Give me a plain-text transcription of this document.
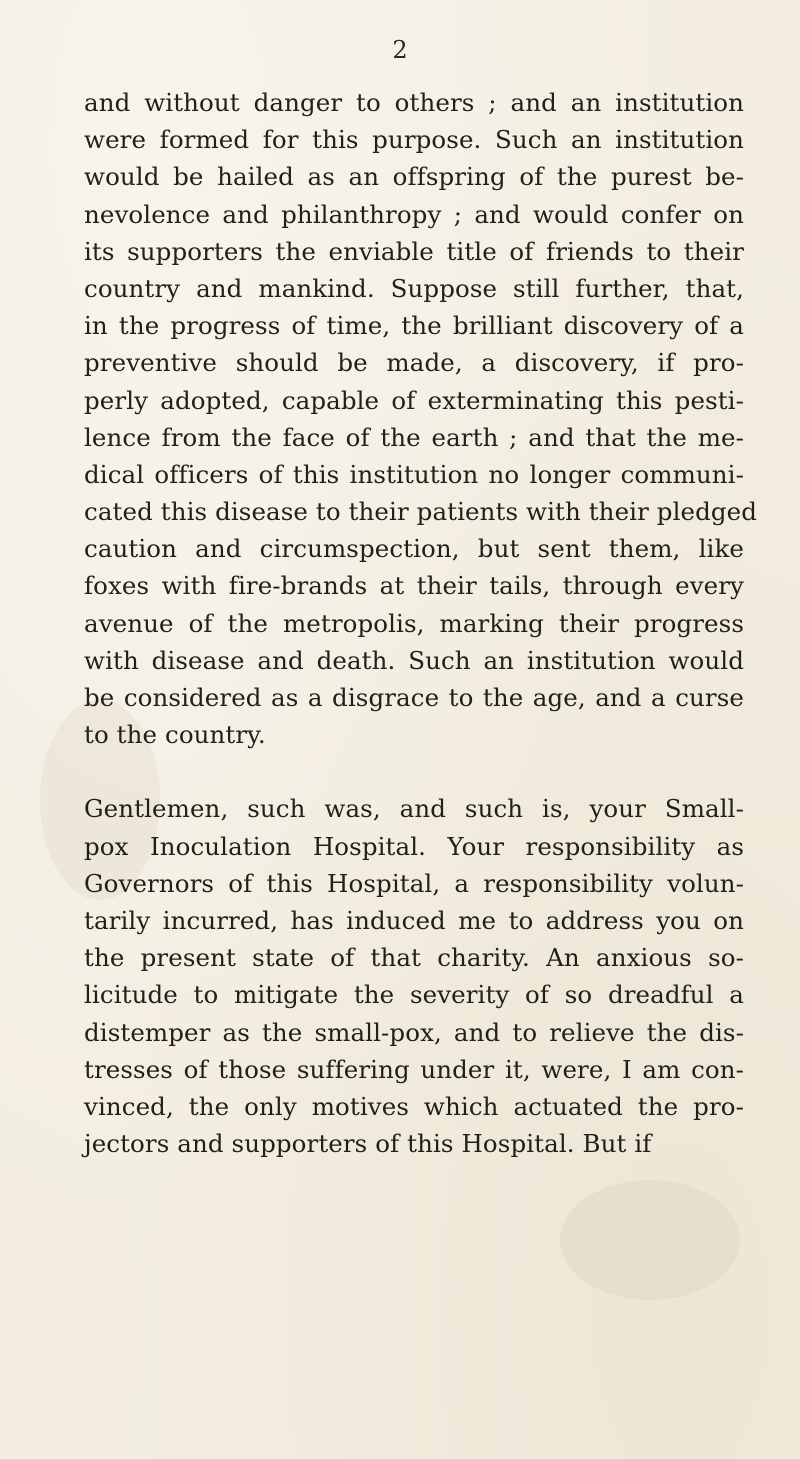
2
and without danger to others ; and an institution
were formed for this purpose. Such an institution
would be hailed as an offspring of the purest be-
nevolence and philanthropy ; and would confer on
its supporters the enviable title of friends to their
country and mankind. Suppose still further, that,
in the progress of time, the brilliant discovery of a
preventive should be made, a discovery, if pro-
perly adopted, capable of exterminating this pesti-
lence from the face of the earth ; and that the me-
dical officers of this institution no longer communi-
cated this disease to their patients with their pledged
caution and circumspection, but sent them, like
foxes with fire-brands at their tails, through every
avenue of the metropolis, marking their progress
with disease and death. Such an institution would
be considered as a disgrace to the age, and a curse
to the country.
Gentlemen, such was, and such is, your Small-
pox Inoculation Hospital. Your responsibility as
Governors of this Hospital, a responsibility volun-
tarily incurred, has induced me to address you on
the present state of that charity. An anxious so-
licitude to mitigate the severity of so dreadful a
distemper as the small-pox, and to relieve the dis-
tresses of those suffering under it, were, I am con-
vinced, the only motives which actuated the pro-
jectors and supporters of this Hospital. But if
